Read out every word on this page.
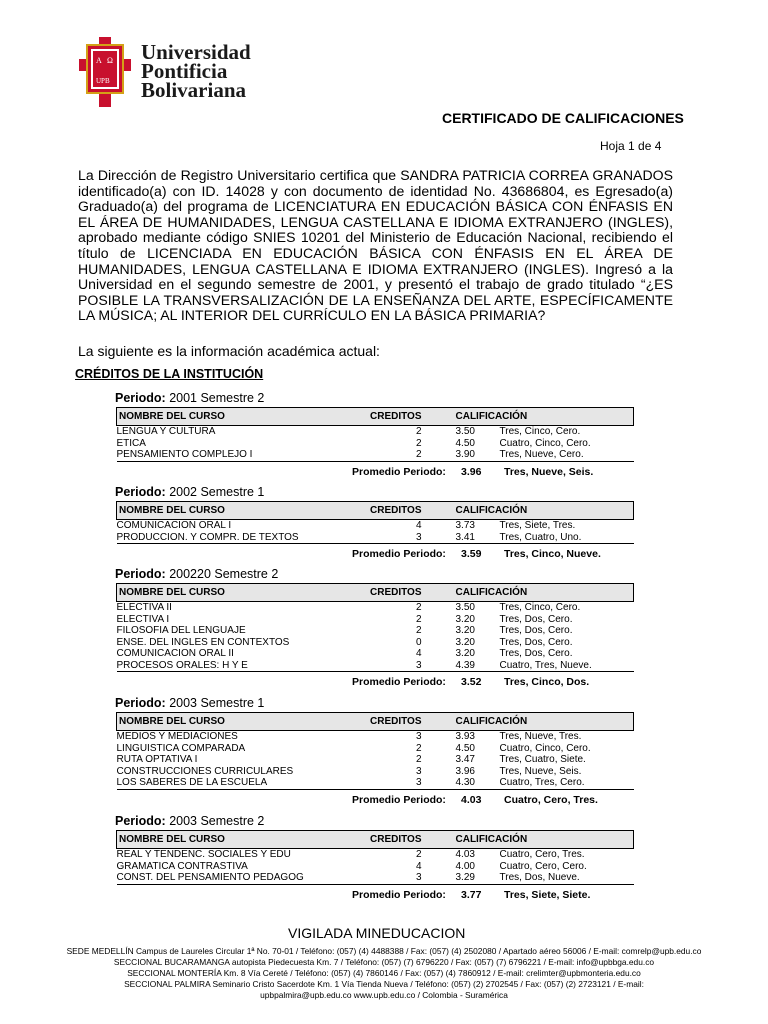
A Ω
UPB
Universidad
Pontificia
Bolivariana
CERTIFICADO DE CALIFICACIONES
Hoja 1 de 4
La Dirección de Registro Universitario certifica que SANDRA PATRICIA CORREA GRANADOS identificado(a) con ID. 14028 y con documento de identidad No. 43686804, es Egresado(a) Graduado(a) del programa de LICENCIATURA EN EDUCACIÓN BÁSICA CON ÉNFASIS EN EL ÁREA DE HUMANIDADES, LENGUA CASTELLANA E IDIOMA EXTRANJERO (INGLES), aprobado mediante código SNIES 10201 del Ministerio de Educación Nacional, recibiendo el título de LICENCIADA EN EDUCACIÓN BÁSICA CON ÉNFASIS EN EL ÁREA DE HUMANIDADES, LENGUA CASTELLANA E IDIOMA EXTRANJERO (INGLES). Ingresó a la Universidad en el segundo semestre de 2001, y presentó el trabajo de grado titulado “¿ES POSIBLE LA TRANSVERSALIZACIÓN DE LA ENSEÑANZA DEL ARTE, ESPECÍFICAMENTE LA MÚSICA; AL INTERIOR DEL CURRÍCULO EN LA BÁSICA PRIMARIA?
La siguiente es la información académica actual:
CRÉDITOS DE LA INSTITUCIÓN
Periodo: 2001 Semestre 2
NOMBRE DEL CURSO	CREDITOS	CALIFICACIÓN		
LENGUA Y CULTURA	2	3.50	Tres, Cinco, Cero.	
ETICA	2	4.50	Cuatro, Cinco, Cero.	
PENSAMIENTO COMPLEJO I	2	3.90	Tres, Nueve, Cero.	
Promedio Periodo: 3.96 Tres, Nueve, Seis.
Periodo: 2002 Semestre 1
NOMBRE DEL CURSO	CREDITOS	CALIFICACIÓN		
COMUNICACION ORAL I	4	3.73	Tres, Siete, Tres.	
PRODUCCION. Y COMPR. DE TEXTOS	3	3.41	Tres, Cuatro, Uno.	
Promedio Periodo: 3.59 Tres, Cinco, Nueve.
Periodo: 200220 Semestre 2
NOMBRE DEL CURSO	CREDITOS	CALIFICACIÓN		
ELECTIVA II	2	3.50	Tres, Cinco, Cero.	
ELECTIVA I	2	3.20	Tres, Dos, Cero.	
FILOSOFIA DEL LENGUAJE	2	3.20	Tres, Dos, Cero.	
ENSE. DEL INGLES EN CONTEXTOS	0	3.20	Tres, Dos, Cero.	
COMUNICACION ORAL II	4	3.20	Tres, Dos, Cero.	
PROCESOS ORALES: H Y E	3	4.39	Cuatro, Tres, Nueve.	
Promedio Periodo: 3.52 Tres, Cinco, Dos.
Periodo: 2003 Semestre 1
NOMBRE DEL CURSO	CREDITOS	CALIFICACIÓN		
MEDIOS Y MEDIACIONES	3	3.93	Tres, Nueve, Tres.	
LINGUISTICA COMPARADA	2	4.50	Cuatro, Cinco, Cero.	
RUTA OPTATIVA I	2	3.47	Tres, Cuatro, Siete.	
CONSTRUCCIONES CURRICULARES	3	3.96	Tres, Nueve, Seis.	
LOS SABERES DE LA ESCUELA	3	4.30	Cuatro, Tres, Cero.	
Promedio Periodo: 4.03 Cuatro, Cero, Tres.
Periodo: 2003 Semestre 2
NOMBRE DEL CURSO	CREDITOS	CALIFICACIÓN		
REAL Y TENDENC. SOCIALES Y EDU	2	4.03	Cuatro, Cero, Tres.	
GRAMATICA CONTRASTIVA	4	4.00	Cuatro, Cero, Cero.	
CONST. DEL PENSAMIENTO PEDAGOG	3	3.29	Tres, Dos, Nueve.	
Promedio Periodo: 3.77 Tres, Siete, Siete.
VIGILADA MINEDUCACION
SEDE MEDELLÍN Campus de Laureles Circular 1ª No. 70-01 / Teléfono: (057) (4) 4488388 / Fax: (057) (4) 2502080 / Apartado aéreo 56006 / E-mail: comrelp@upb.edu.co
SECCIONAL BUCARAMANGA autopista Piedecuesta Km. 7 / Teléfono: (057) (7) 6796220 / Fax: (057) (7) 6796221 / E-mail: info@upbbga.edu.co
SECCIONAL MONTERÍA Km. 8 Vía Cereté / Teléfono: (057) (4) 7860146 / Fax: (057) (4) 7860912 / E-mail: crelimter@upbmonteria.edu.co
SECCIONAL PALMIRA Seminario Cristo Sacerdote Km. 1 Vía Tienda Nueva / Teléfono: (057) (2) 2702545 / Fax: (057) (2) 2723121 / E-mail:
upbpalmira@upb.edu.co www.upb.edu.co / Colombia - Suramérica
